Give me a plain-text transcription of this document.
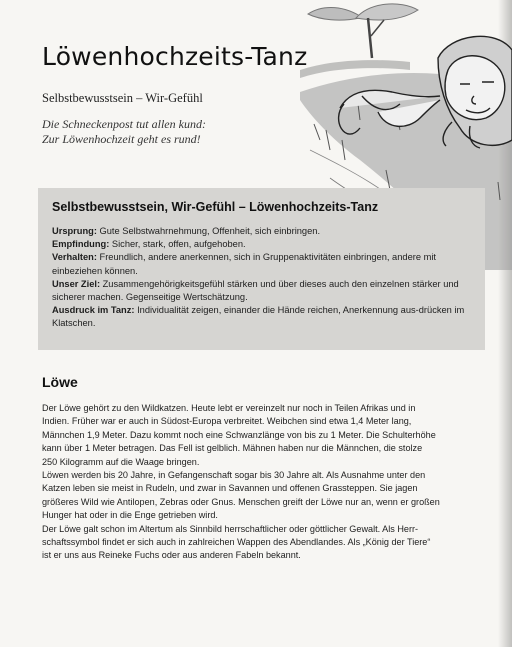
Löwenhochzeits-Tanz
Selbstbewusstsein – Wir-Gefühl
Die Schneckenpost tut allen kund:
Zur Löwenhochzeit geht es rund!

Selbstbewusstsein, Wir-Gefühl – Löwenhochzeits-Tanz

Ursprung: Gute Selbstwahrnehmung, Offenheit, sich einbringen.

Empfindung: Sicher, stark, offen, aufgehoben.

Verhalten: Freundlich, andere anerkennen, sich in Gruppenaktivitäten einbringen, andere mit einbeziehen können.

Unser Ziel: Zusammengehörigkeitsgefühl stärken und über dieses auch den einzelnen stärker und sicherer machen. Gegenseitige Wertschätzung.

Ausdruck im Tanz: Individualität zeigen, einander die Hände reichen, Anerkennung aus-drücken im Klatschen.

Löwe
Der Löwe gehört zu den Wildkatzen. Heute lebt er vereinzelt nur noch in Teilen Afrikas und in
Indien. Früher war er auch in Südost-Europa verbreitet. Weibchen sind etwa 1,4 Meter lang,
Männchen 1,9 Meter. Dazu kommt noch eine Schwanzlänge von bis zu 1 Meter. Die Schulterhöhe
kann über 1 Meter betragen. Das Fell ist gelblich. Mähnen haben nur die Männchen, die stolze
250 Kilogramm auf die Waage bringen.
Löwen werden bis 20 Jahre, in Gefangenschaft sogar bis 30 Jahre alt. Als Ausnahme unter den
Katzen leben sie meist in Rudeln, und zwar in Savannen und offenen Grassteppen. Sie jagen
größeres Wild wie Antilopen, Zebras oder Gnus. Menschen greift der Löwe nur an, wenn er großen
Hunger hat oder in die Enge getrieben wird.
Der Löwe galt schon im Altertum als Sinnbild herrschaftlicher oder göttlicher Gewalt. Als Herr-
schaftssymbol findet er sich auch in zahlreichen Wappen des Abendlandes. Als „König der Tiere“
ist er uns aus Reineke Fuchs oder aus anderen Fabeln bekannt.
